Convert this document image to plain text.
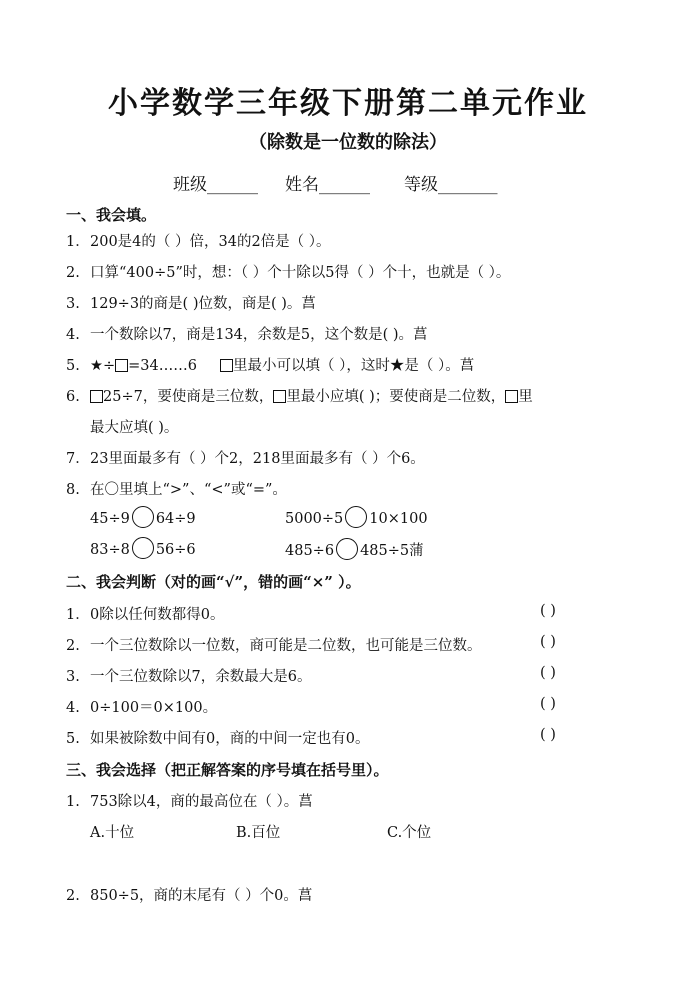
小学数学三年级下册第二单元作业
（除数是一位数的除法）
班级______ 姓名______ 等级_______
一、我会填。
1．200是4的（ ）倍，34的2倍是（ ）。
2. 口算“400÷5”时，想：（ ）个十除以5得（ ）个十，也就是（ ）。
3. 129÷3的商是( )位数，商是( )。菖
4. 一个数除以7，商是134，余数是5，这个数是( )。菖
5. ★÷ =34……6 里最小可以填（ ），这时★是（ ）。菖
6. 25÷7，要使商是三位数， 里最小应填( )；要使商是二位数， 里
最大应填( )。
7．23里面最多有（ ）个2，218里面最多有（ ）个6。
8. 在〇里填上“>”、“<”或“=”。
45÷9 64÷9	5000÷5 10×100
83÷8 56÷6	485÷6 485÷5蒲
二、我会判断（对的画“√”，错的画“×” ）。
1．0除以任何数都得0。	( )
2. 一个三位数除以一位数，商可能是二位数，也可能是三位数。	( )
3. 一个三位数除以7，余数最大是6。	( )
4. 0÷100＝0×100。	( )
5. 如果被除数中间有0，商的中间一定也有0。	( )
三、我会选择（把正解答案的序号填在括号里）。
1. 753除以4，商的最高位在（ ）。菖
A.十位	B.百位	C.个位
2. 850÷5，商的末尾有（ ）个0。菖
